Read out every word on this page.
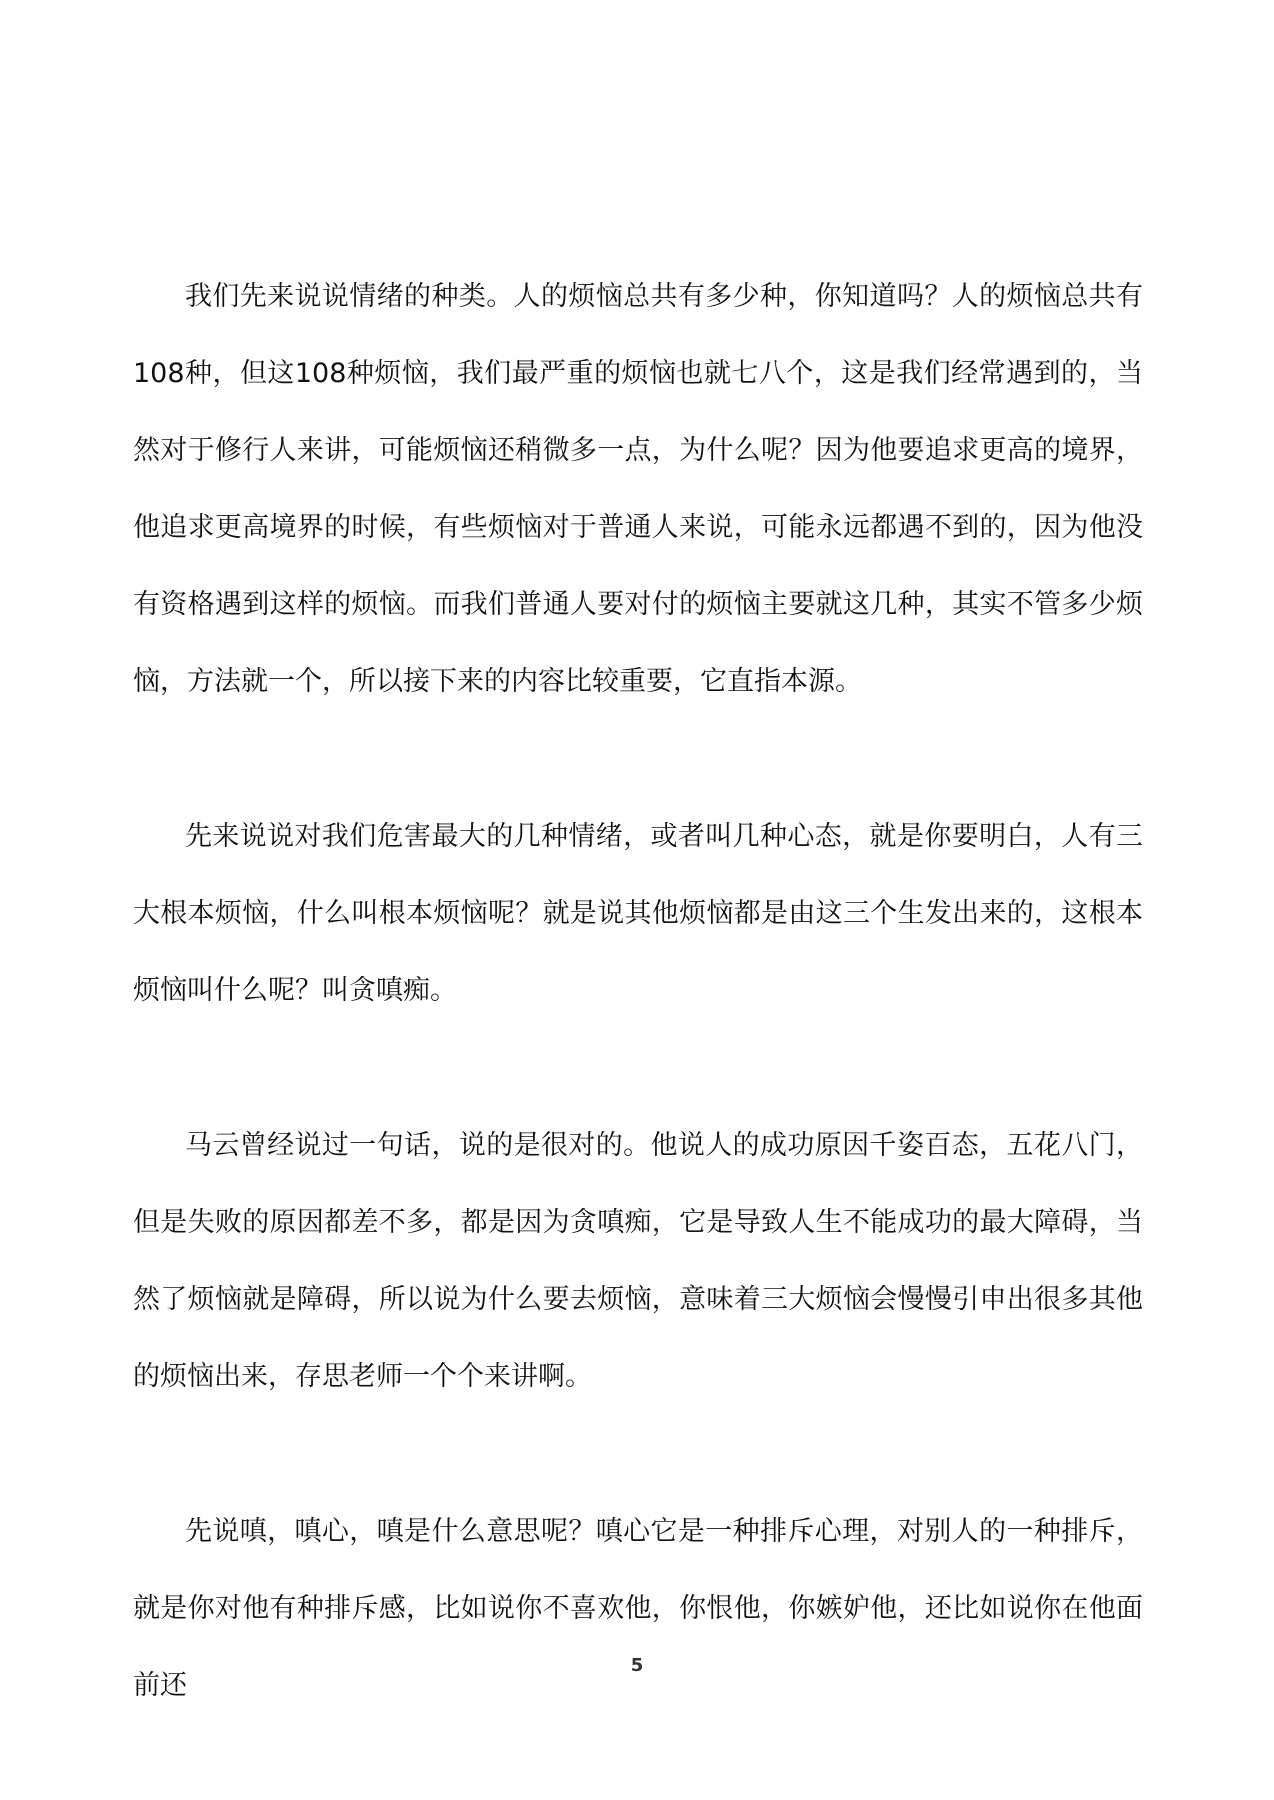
我们先来说说情绪的种类。人的烦恼总共有多少种，你知道吗？人的烦恼总共有108种，但这108种烦恼，我们最严重的烦恼也就七八个，这是我们经常遇到的，当然对于修行人来讲，可能烦恼还稍微多一点，为什么呢？因为他要追求更高的境界，他追求更高境界的时候，有些烦恼对于普通人来说，可能永远都遇不到的，因为他没有资格遇到这样的烦恼。而我们普通人要对付的烦恼主要就这几种，其实不管多少烦恼，方法就一个，所以接下来的内容比较重要，它直指本源。

先来说说对我们危害最大的几种情绪，或者叫几种心态，就是你要明白，人有三大根本烦恼，什么叫根本烦恼呢？就是说其他烦恼都是由这三个生发出来的，这根本烦恼叫什么呢？叫贪嗔痴。

马云曾经说过一句话，说的是很对的。他说人的成功原因千姿百态，五花八门，但是失败的原因都差不多，都是因为贪嗔痴，它是导致人生不能成功的最大障碍，当然了烦恼就是障碍，所以说为什么要去烦恼，意味着三大烦恼会慢慢引申出很多其他的烦恼出来，存思老师一个个来讲啊。

先说嗔，嗔心，嗔是什么意思呢？嗔心它是一种排斥心理，对别人的一种排斥，就是你对他有种排斥感，比如说你不喜欢他，你恨他，你嫉妒他，还比如说你在他面前还

5
